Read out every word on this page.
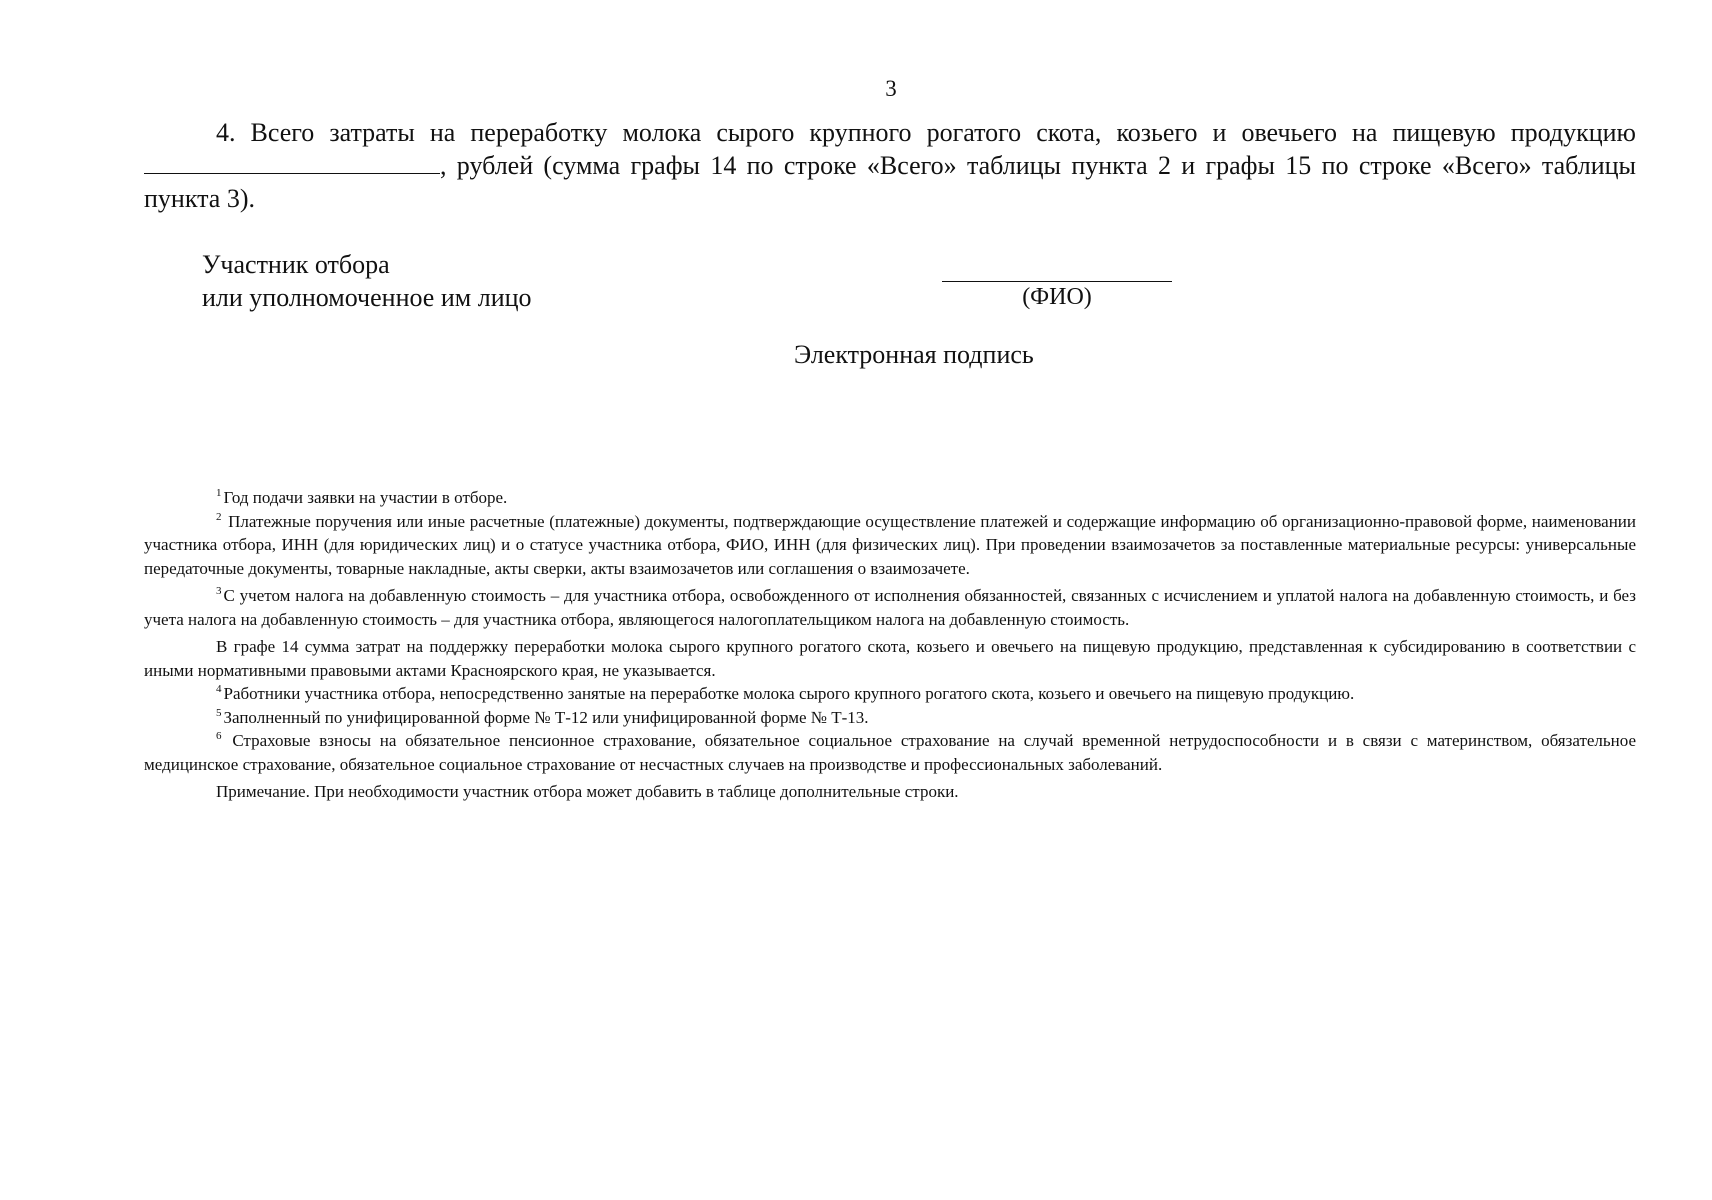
3

4. Всего затраты на переработку молока сырого крупного рогатого скота, козьего и овечьего на пищевую продукцию , рублей (сумма графы 14 по строке «Всего» таблицы пункта 2 и графы 15 по строке «Всего» таблицы пункта 3).

Участник отбора
или уполномоченное им лицо	(ФИО)
Электронная подпись

$^1$ Год подачи заявки на участии в отборе.

$^2$ Платежные поручения или иные расчетные (платежные) документы, подтверждающие осуществление платежей и содержащие информацию об организационно-правовой форме, наименовании участника отбора, ИНН (для юридических лиц) и о статусе участника отбора, ФИО, ИНН (для физических лиц). При проведении взаимозачетов за поставленные материальные ресурсы: универсальные передаточные документы, товарные накладные, акты сверки, акты взаимозачетов или соглашения о взаимозачете.

$^3$ С учетом налога на добавленную стоимость – для участника отбора, освобожденного от исполнения обязанностей, связанных с исчислением и уплатой налога на добавленную стоимость, и без учета налога на добавленную стоимость – для участника отбора, являющегося налогоплательщиком налога на добавленную стоимость.

В графе 14 сумма затрат на поддержку переработки молока сырого крупного рогатого скота, козьего и овечьего на пищевую продукцию, представленная к субсидированию в соответствии с иными нормативными правовыми актами Красноярского края, не указывается.

$^4$ Работники участника отбора, непосредственно занятые на переработке молока сырого крупного рогатого скота, козьего и овечьего на пищевую продукцию.

$^5$ Заполненный по унифицированной форме № Т-12 или унифицированной форме № Т-13.

$^6$ Страховые взносы на обязательное пенсионное страхование, обязательное социальное страхование на случай временной нетрудоспособности и в связи с материнством, обязательное медицинское страхование, обязательное социальное страхование от несчастных случаев на производстве и профессиональных заболеваний.

Примечание. При необходимости участник отбора может добавить в таблице дополнительные строки.
